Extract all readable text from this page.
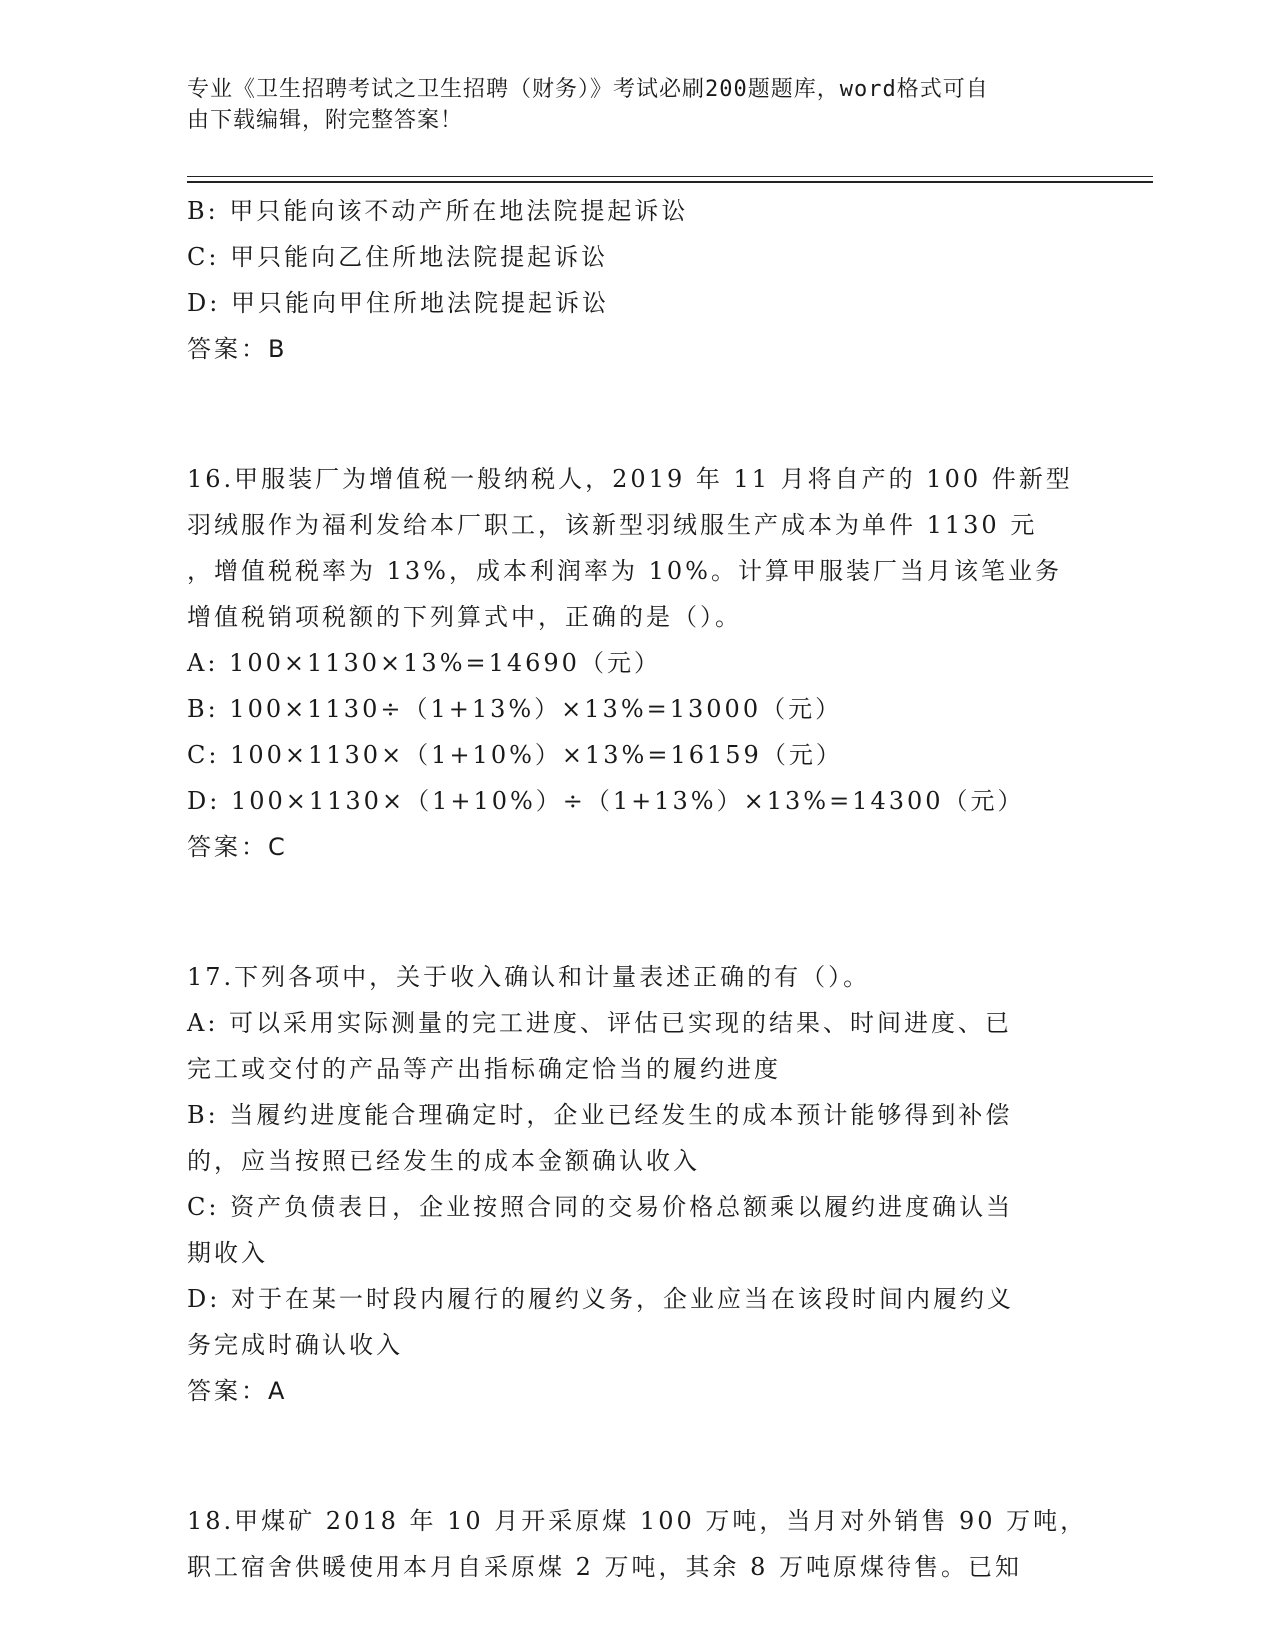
专业《卫生招聘考试之卫生招聘（财务）》考试必刷200题题库，word格式可自
由下载编辑，附完整答案！
B: 甲只能向该不动产所在地法院提起诉讼
C: 甲只能向乙住所地法院提起诉讼
D: 甲只能向甲住所地法院提起诉讼
答案：B
16.甲服装厂为增值税一般纳税人，2019 年 11 月将自产的 100 件新型
羽绒服作为福利发给本厂职工，该新型羽绒服生产成本为单件 1130 元
，增值税税率为 13%，成本利润率为 10%。计算甲服装厂当月该笔业务
增值税销项税额的下列算式中，正确的是（）。
A: 100×1130×13%=14690（元）
B: 100×1130÷（1+13%）×13%=13000（元）
C: 100×1130×（1+10%）×13%=16159（元）
D: 100×1130×（1+10%）÷（1+13%）×13%=14300（元）
答案：C
17.下列各项中，关于收入确认和计量表述正确的有（）。
A: 可以采用实际测量的完工进度、评估已实现的结果、时间进度、已
完工或交付的产品等产出指标确定恰当的履约进度
B: 当履约进度能合理确定时，企业已经发生的成本预计能够得到补偿
的，应当按照已经发生的成本金额确认收入
C: 资产负债表日，企业按照合同的交易价格总额乘以履约进度确认当
期收入
D: 对于在某一时段内履行的履约义务，企业应当在该段时间内履约义
务完成时确认收入
答案：A
18.甲煤矿 2018 年 10 月开采原煤 100 万吨，当月对外销售 90 万吨，
职工宿舍供暖使用本月自采原煤 2 万吨，其余 8 万吨原煤待售。已知
